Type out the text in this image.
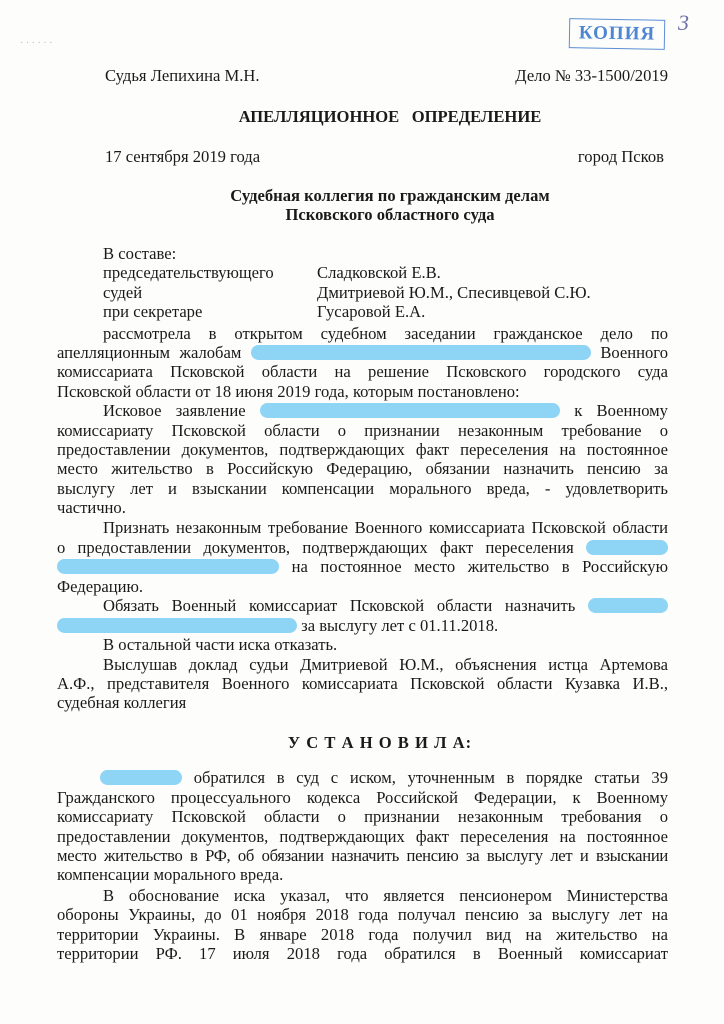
· · · · · ·	КОПИЯ	3
Судья Лепихина М.Н.	Дело № 33-1500/2019
АПЕЛЛЯЦИОННОЕ   ОПРЕДЕЛЕНИЕ
17 сентября 2019 года	город Псков
Судебная коллегия по гражданским делам
Псковского областного суда
В составе:
председательствующего	Сладковской Е.В.
судей	Дмитриевой Ю.М., Спесивцевой С.Ю.
при секретаре	Гусаровой Е.А.
рассмотрела в открытом судебном заседании гражданское дело по
апелляционным жалобам	Военного
комиссариата Псковской области на решение Псковского городского суда
Псковской области от 18 июня 2019 года, которым постановлено:
Исковое заявление	к Военному
комиссариату Псковской области о признании незаконным требование о
предоставлении документов, подтверждающих факт переселения на постоянное
место жительство в Российскую Федерацию, обязании назначить пенсию за
выслугу лет и взыскании компенсации морального вреда, - удовлетворить
частично.
Признать незаконным требование Военного комиссариата Псковской области
о предоставлении документов, подтверждающих факт переселения
на постоянное место жительство в Российскую
Федерацию.
Обязать Военный комиссариат Псковской области назначить
за выслугу лет с 01.11.2018.
В остальной части иска отказать.
Выслушав доклад судьи Дмитриевой Ю.М., объяснения истца Артемова
А.Ф., представителя Военного комиссариата Псковской области Кузавка И.В.,
судебная коллегия
У С Т А Н О В И Л А:
обратился в суд с иском, уточненным в порядке статьи 39
Гражданского процессуального кодекса Российской Федерации, к Военному
комиссариату Псковской области о признании незаконным требования о
предоставлении документов, подтверждающих факт переселения на постоянное
место жительство в РФ, об обязании назначить пенсию за выслугу лет и взыскании
компенсации морального вреда.
В обоснование иска указал, что является пенсионером Министерства
обороны Украины, до 01 ноября 2018 года получал пенсию за выслугу лет на
территории Украины. В январе 2018 года получил вид на жительство на
территории РФ. 17 июля 2018 года обратился в Военный комиссариат
